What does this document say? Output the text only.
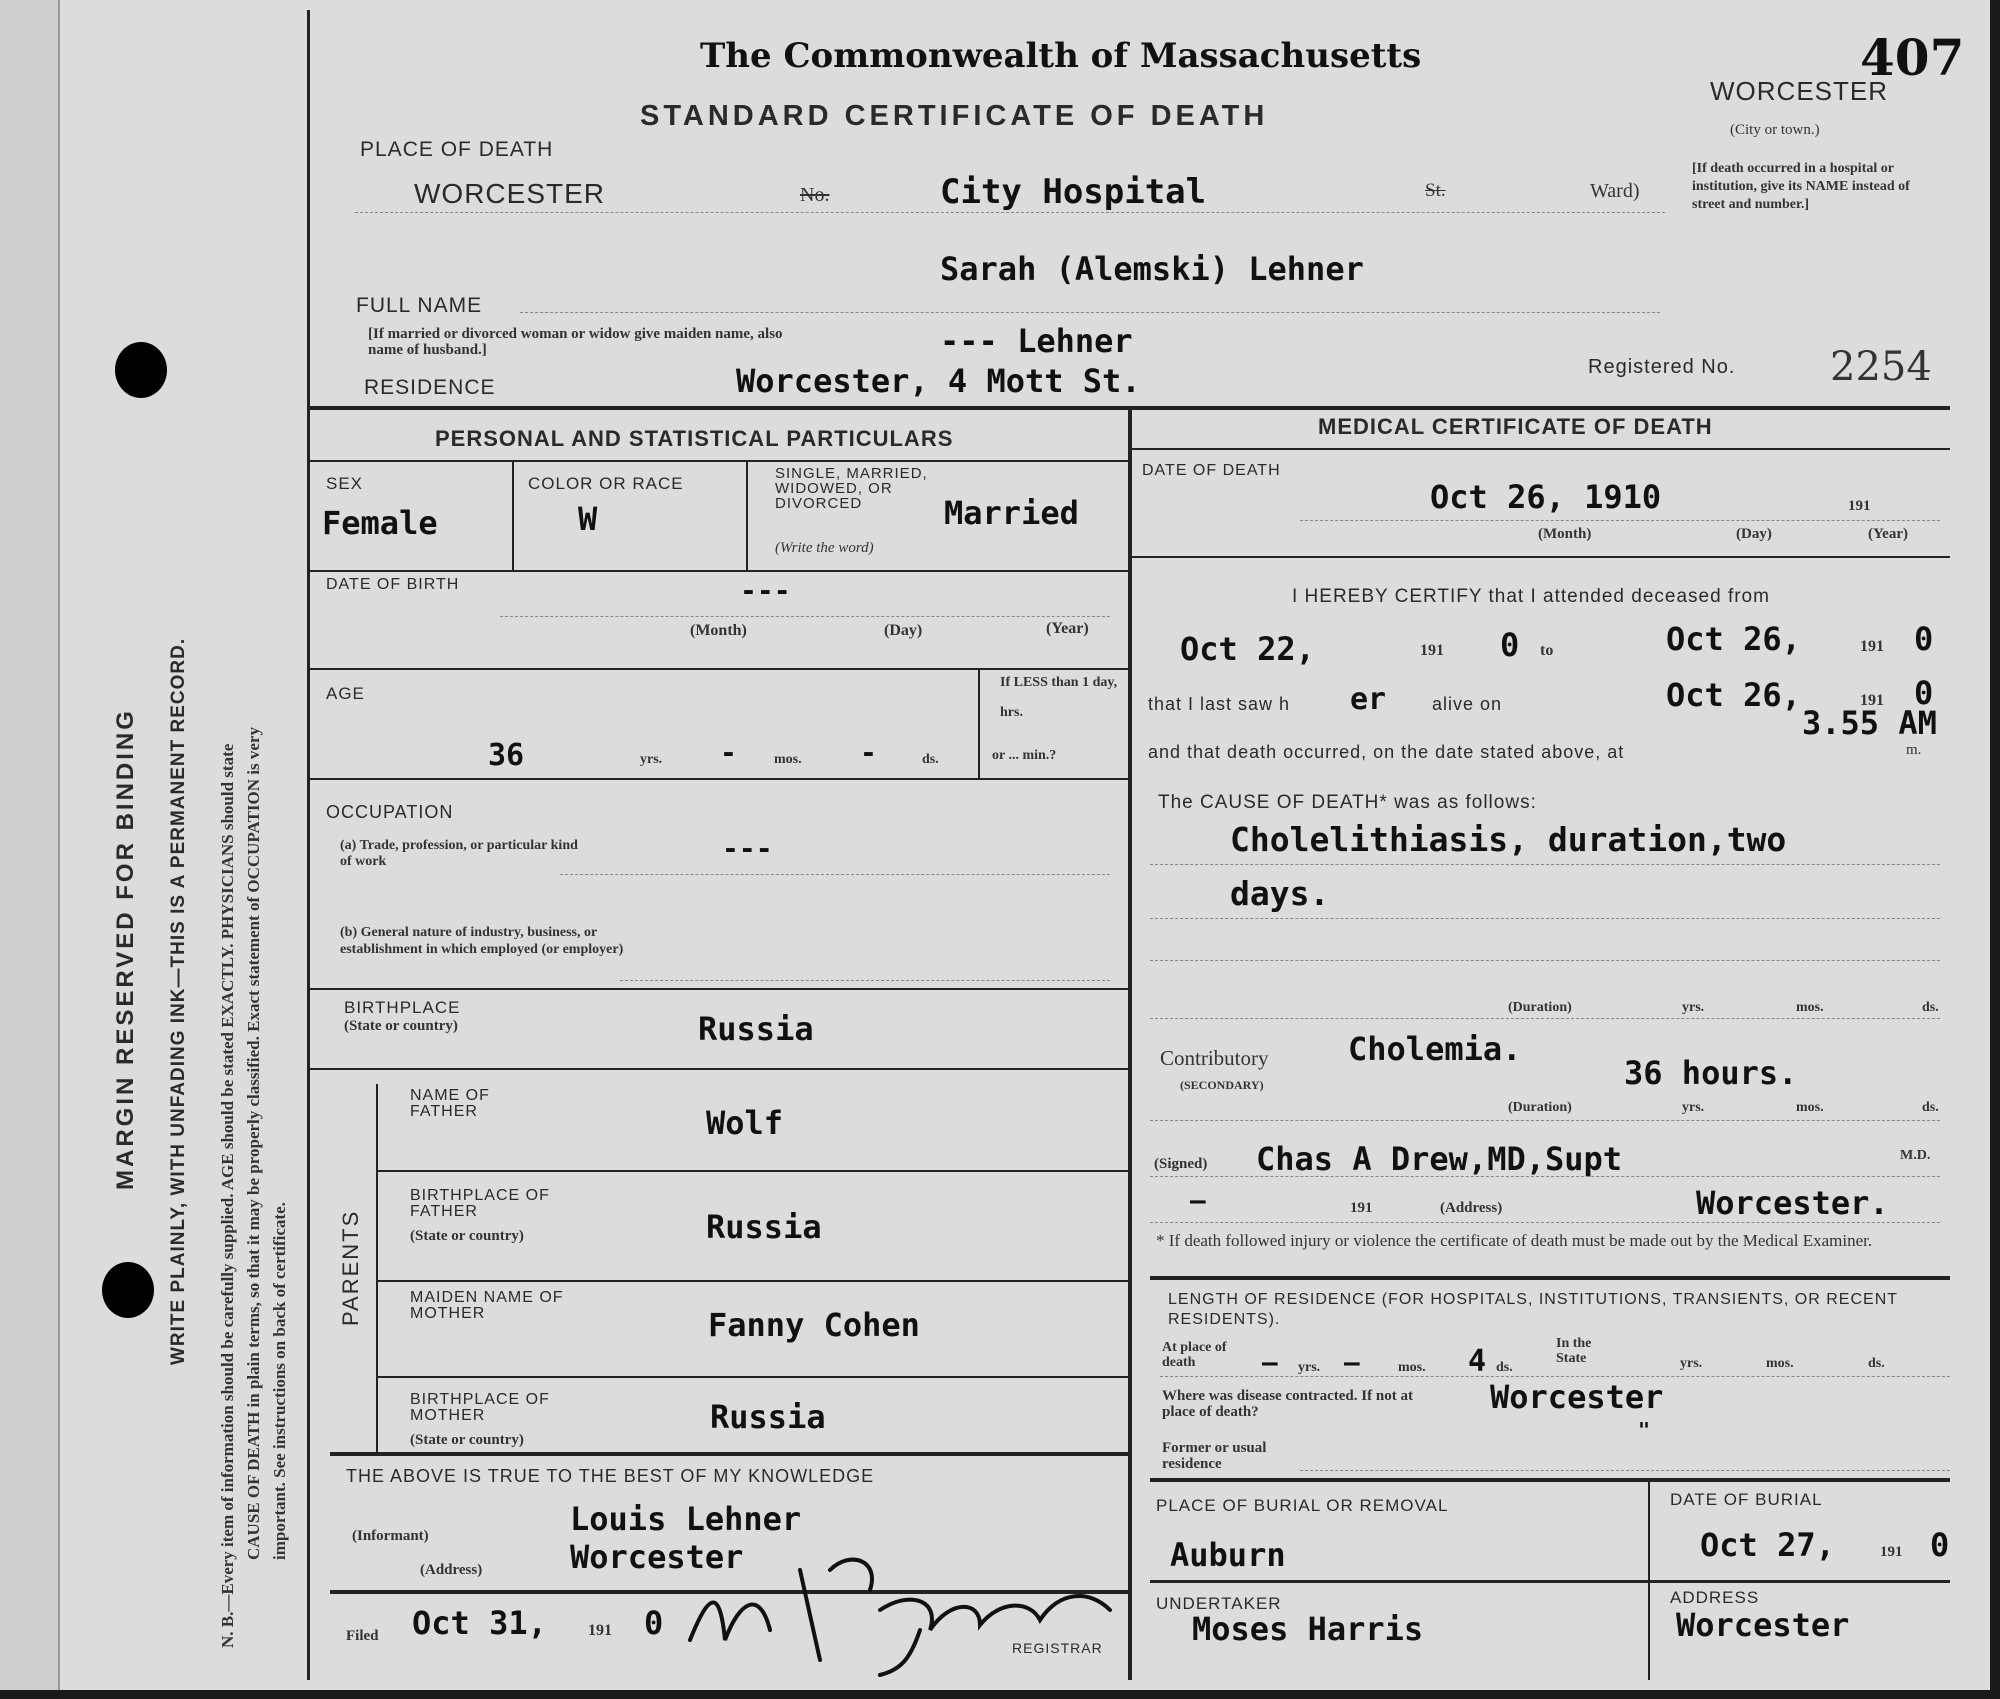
MARGIN RESERVED FOR BINDING WRITE PLAINLY, WITH UNFADING INK—THIS IS A PERMANENT RECORD. N. B.—Every item of information should be carefully supplied. AGE should be stated EXACTLY. PHYSICIANS should state CAUSE OF DEATH in plain terms, so that it may be properly classified. Exact statement of OCCUPATION is very important. See instructions on back of certificate.
The Commonwealth of Massachusetts
STANDARD CERTIFICATE OF DEATH
407
WORCESTER
(City or town.)
[If death occurred in a hospital or institution, give its NAME instead of street and number.]
PLACE OF DEATH
WORCESTER	No.	City Hospital	St.	Ward)
Sarah (Alemski) Lehner
FULL NAME
[If married or divorced woman or widow give maiden name, also name of husband.]	--- Lehner
RESIDENCE	Worcester, 4 Mott St.	Registered No. 2254
PERSONAL AND STATISTICAL PARTICULARS
SEX
Female
COLOR OR RACE
W
SINGLE, MARRIED, WIDOWED, OR DIVORCED
(Write the word)
Married
DATE OF BIRTH	---
(Month)	(Day)	(Year)
AGE
36	yrs. -	mos. -	ds.
If LESS than 1 day, hrs.
or ... min.?
OCCUPATION
(a) Trade, profession, or particular kind of work	---
(b) General nature of industry, business, or establishment in which employed (or employer)
BIRTHPLACE
(State or country)	Russia
PARENTS
NAME OF FATHER	Wolf
BIRTHPLACE OF FATHER
(State or country)	Russia
MAIDEN NAME OF MOTHER	Fanny Cohen
BIRTHPLACE OF MOTHER
(State or country)
Russia
THE ABOVE IS TRUE TO THE BEST OF MY KNOWLEDGE
(Informant)	Louis Lehner
(Address)	Worcester
Filed Oct 31,	191 0
REGISTRAR
MEDICAL CERTIFICATE OF DEATH
DATE OF DEATH
Oct 26, 1910	191
(Month)	(Day)	(Year)
I HEREBY CERTIFY that I attended deceased from
Oct 22,	191 0 to	Oct 26,	191 0
that I last saw h er	alive on	Oct 26,	191 0
and that death occurred, on the date stated above, at
3.55 AM
m.
The CAUSE OF DEATH* was as follows:
Cholelithiasis, duration,two
days.
(Duration)	yrs.	mos.	ds.
Contributory
(SECONDARY)
Cholemia.
36 hours.
(Duration)	yrs.	mos.	ds.
(Signed) Chas A Drew,MD,Supt	M.D.
—	191	(Address)	Worcester.
* If death followed injury or violence the certificate of death must be made out by the Medical Examiner.
LENGTH OF RESIDENCE (FOR HOSPITALS, INSTITUTIONS, TRANSIENTS, OR RECENT RESIDENTS).
At place of death	– yrs. –	mos. 4 ds.
In the State	yrs.	mos.	ds.
Where was disease contracted. If not at place of death?	Worcester
"
Former or usual residence
PLACE OF BURIAL OR REMOVAL
Auburn
DATE OF BURIAL
Oct 27,	191 0
UNDERTAKER
Moses Harris
ADDRESS
Worcester
